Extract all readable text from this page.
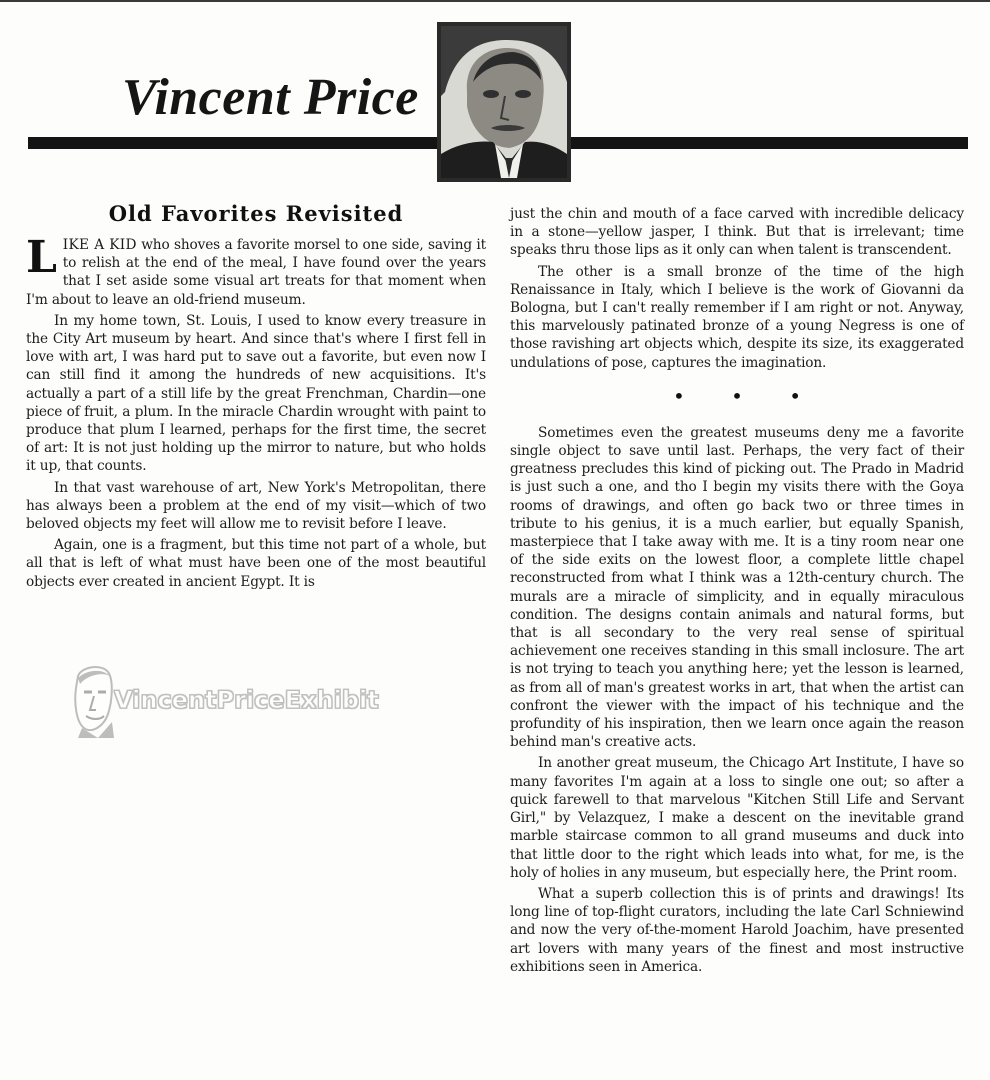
Vincent Price
Old Favorites Revisited

LIKE A KID who shoves a favorite morsel to one side, saving it to relish at the end of the meal, I have found over the years that I set aside some visual art treats for that moment when I'm about to leave an old-friend museum.

In my home town, St. Louis, I used to know every treasure in the City Art museum by heart. And since that's where I first fell in love with art, I was hard put to save out a favorite, but even now I can still find it among the hundreds of new acquisitions. It's actually a part of a still life by the great Frenchman, Chardin—one piece of fruit, a plum. In the miracle Chardin wrought with paint to produce that plum I learned, perhaps for the first time, the secret of art: It is not just holding up the mirror to nature, but who holds it up, that counts.

In that vast warehouse of art, New York's Metropolitan, there has always been a problem at the end of my visit—which of two beloved objects my feet will allow me to revisit before I leave.

Again, one is a fragment, but this time not part of a whole, but all that is left of what must have been one of the most beautiful objects ever created in ancient Egypt. It is

just the chin and mouth of a face carved with incredible delicacy in a stone—yellow jasper, I think. But that is irrelevant; time speaks thru those lips as it only can when talent is transcendent.

The other is a small bronze of the time of the high Renaissance in Italy, which I believe is the work of Giovanni da Bologna, but I can't really remember if I am right or not. Anyway, this marvelously patinated bronze of a young Negress is one of those ravishing art objects which, despite its size, its exaggerated undulations of pose, captures the imagination.

• • •

Sometimes even the greatest museums deny me a favorite single object to save until last. Perhaps, the very fact of their greatness precludes this kind of picking out. The Prado in Madrid is just such a one, and tho I begin my visits there with the Goya rooms of drawings, and often go back two or three times in tribute to his genius, it is a much earlier, but equally Spanish, masterpiece that I take away with me. It is a tiny room near one of the side exits on the lowest floor, a complete little chapel reconstructed from what I think was a 12th-century church. The murals are a miracle of simplicity, and in equally miraculous condition. The designs contain animals and natural forms, but that is all secondary to the very real sense of spiritual achievement one receives standing in this small inclosure. The art is not trying to teach you anything here; yet the lesson is learned, as from all of man's greatest works in art, that when the artist can confront the viewer with the impact of his technique and the profundity of his inspiration, then we learn once again the reason behind man's creative acts.

In another great museum, the Chicago Art Institute, I have so many favorites I'm again at a loss to single one out; so after a quick farewell to that marvelous "Kitchen Still Life and Servant Girl," by Velazquez, I make a descent on the inevitable grand marble staircase common to all grand museums and duck into that little door to the right which leads into what, for me, is the holy of holies in any museum, but especially here, the Print room.

What a superb collection this is of prints and drawings! Its long line of top-flight curators, including the late Carl Schniewind and now the very of-the-moment Harold Joachim, have presented art lovers with many years of the finest and most instructive exhibitions seen in America.

VincentPriceExhibit
